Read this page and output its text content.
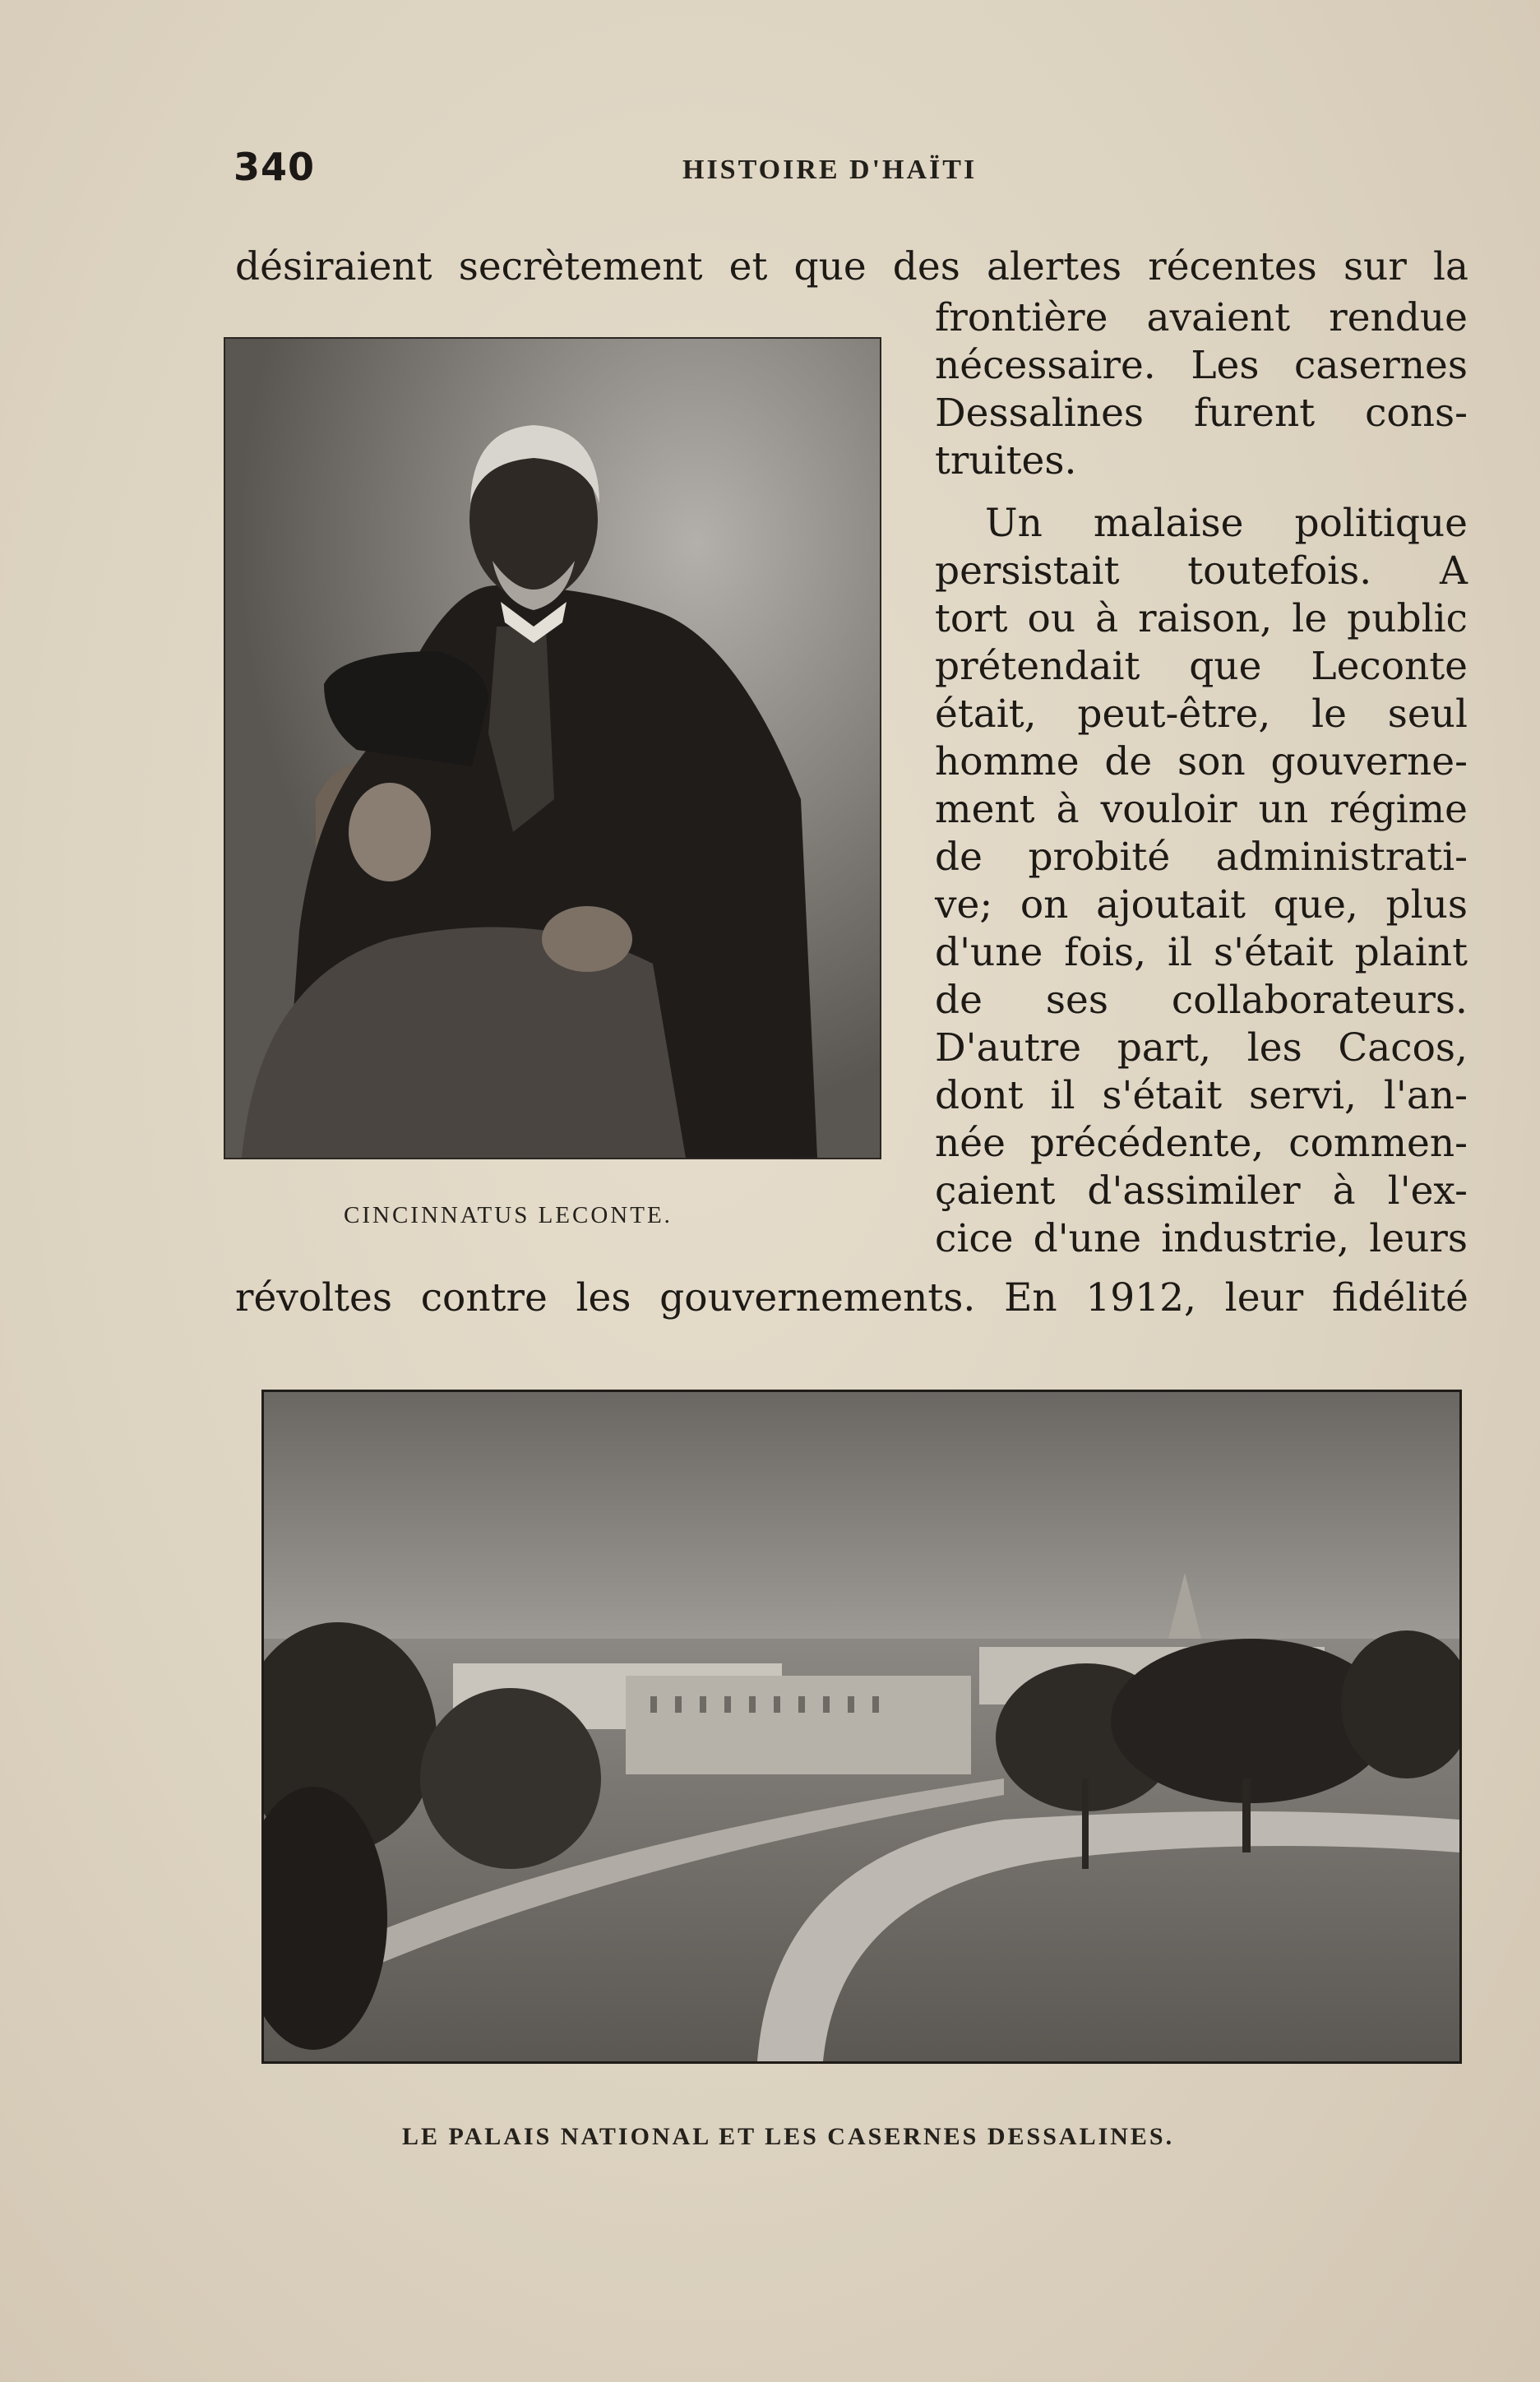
340	HISTOIRE D'HAÏTI
désiraient secrètement et que des alertes récentes sur la
frontière avaient rendue
nécessaire. Les casernes
Dessalines furent cons-
truites.
Un malaise politique
persistait toutefois. A
tort ou à raison, le public
prétendait que Leconte
était, peut-être, le seul
homme de son gouverne-
ment à vouloir un régime
de probité administrati-
ve; on ajoutait que, plus
d'une fois, il s'était plaint
de ses collaborateurs.
D'autre part, les Cacos,
dont il s'était servi, l'an-
née précédente, commen-
çaient d'assimiler à l'ex-
cice d'une industrie, leurs
révoltes contre les gouvernements. En 1912, leur fidélité
CINCINNATUS LECONTE.
LE PALAIS NATIONAL ET LES CASERNES DESSALINES.
